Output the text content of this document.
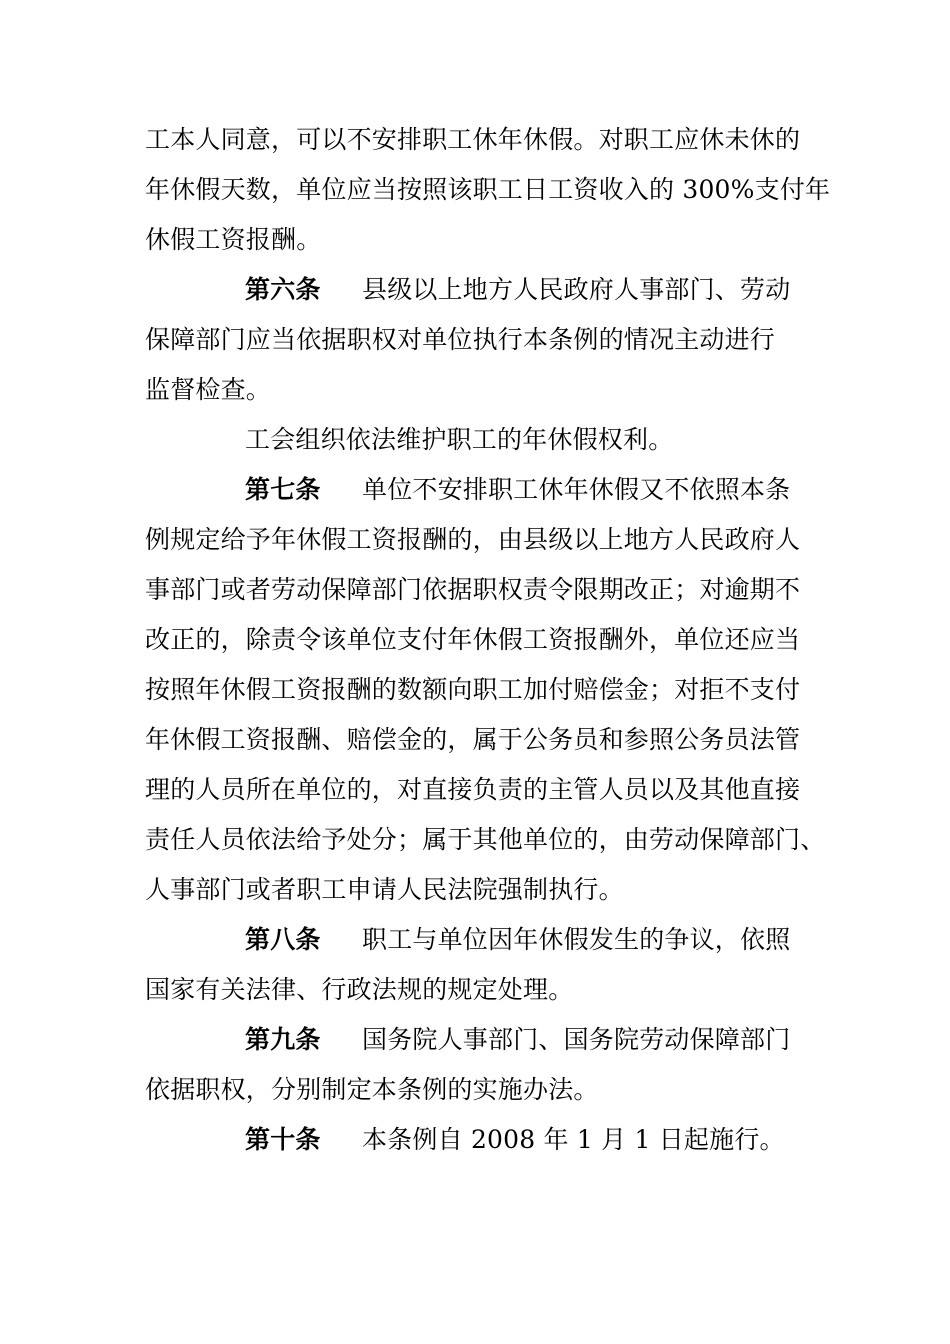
工本人同意，可以不安排职工休年休假。对职工应休未休的
年休假天数，单位应当按照该职工日工资收入的 300%支付年
休假工资报酬。
第六条 县级以上地方人民政府人事部门、劳动
保障部门应当依据职权对单位执行本条例的情况主动进行
监督检查。
工会组织依法维护职工的年休假权利。
第七条 单位不安排职工休年休假又不依照本条
例规定给予年休假工资报酬的，由县级以上地方人民政府人
事部门或者劳动保障部门依据职权责令限期改正；对逾期不
改正的，除责令该单位支付年休假工资报酬外，单位还应当
按照年休假工资报酬的数额向职工加付赔偿金；对拒不支付
年休假工资报酬、赔偿金的，属于公务员和参照公务员法管
理的人员所在单位的，对直接负责的主管人员以及其他直接
责任人员依法给予处分；属于其他单位的，由劳动保障部门、
人事部门或者职工申请人民法院强制执行。
第八条 职工与单位因年休假发生的争议，依照
国家有关法律、行政法规的规定处理。
第九条 国务院人事部门、国务院劳动保障部门
依据职权，分别制定本条例的实施办法。
第十条 本条例自 2008 年 1 月 1 日起施行。
